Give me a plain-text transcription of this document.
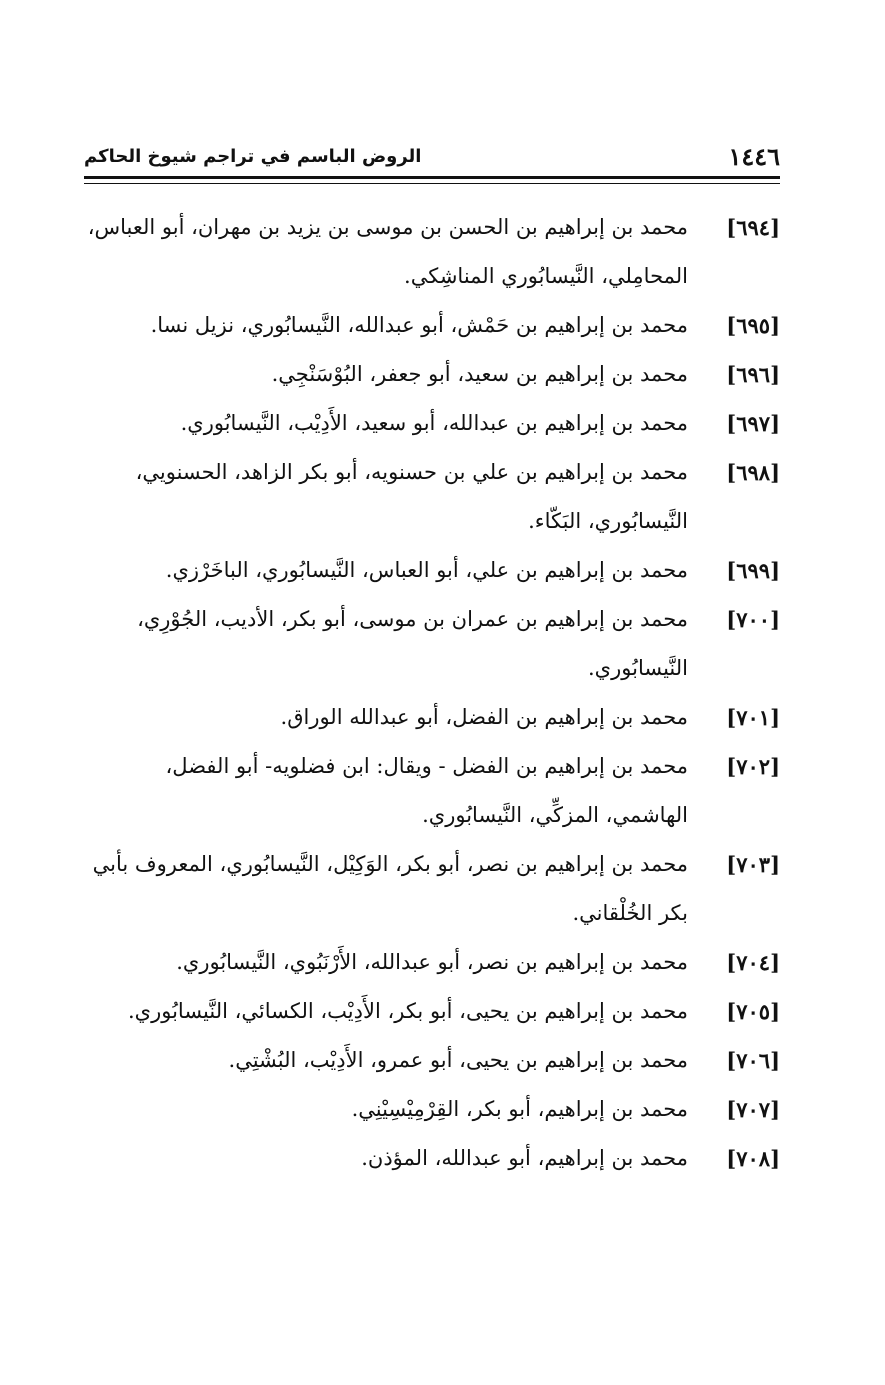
١٤٤٦
الروض الباسم في تراجم شيوخ الحاكم
[٦٩٤]
محمد بن إبراهيم بن الحسن بن موسى بن يزيد بن مهران، أبو العباس، المحامِلي، النَّيسابُوري المناشِكي.
[٦٩٥]
محمد بن إبراهيم بن حَمْش، أبو عبدالله، النَّيسابُوري، نزيل نسا.
[٦٩٦]
محمد بن إبراهيم بن سعيد، أبو جعفر، البُوْسَنْجِي.
[٦٩٧]
محمد بن إبراهيم بن عبدالله، أبو سعيد، الأَدِيْب، النَّيسابُوري.
[٦٩٨]
محمد بن إبراهيم بن علي بن حسنويه، أبو بكر الزاهد، الحسنويي، النَّيسابُوري، البَكّاء.
[٦٩٩]
محمد بن إبراهيم بن علي، أبو العباس، النَّيسابُوري، الباخَرْزي.
[٧٠٠]
محمد بن إبراهيم بن عمران بن موسى، أبو بكر، الأديب، الجُوْرِي، النَّيسابُوري.
[٧٠١]
محمد بن إبراهيم بن الفضل، أبو عبدالله الوراق.
[٧٠٢]
محمد بن إبراهيم بن الفضل - ويقال: ابن فضلويه- أبو الفضل، الهاشمي، المزكِّي، النَّيسابُوري.
[٧٠٣]
محمد بن إبراهيم بن نصر، أبو بكر، الوَكِيْل، النَّيسابُوري، المعروف بأبي بكر الخُلْقاني.
[٧٠٤]
محمد بن إبراهيم بن نصر، أبو عبدالله، الأَرْنَبُوي، النَّيسابُوري.
[٧٠٥]
محمد بن إبراهيم بن يحيى، أبو بكر، الأَدِيْب، الكسائي، النَّيسابُوري.
[٧٠٦]
محمد بن إبراهيم بن يحيى، أبو عمرو، الأَدِيْب، البُشْتِي.
[٧٠٧]
محمد بن إبراهيم، أبو بكر، القِرْمِيْسِيْنِي.
[٧٠٨]
محمد بن إبراهيم، أبو عبدالله، المؤذن.
